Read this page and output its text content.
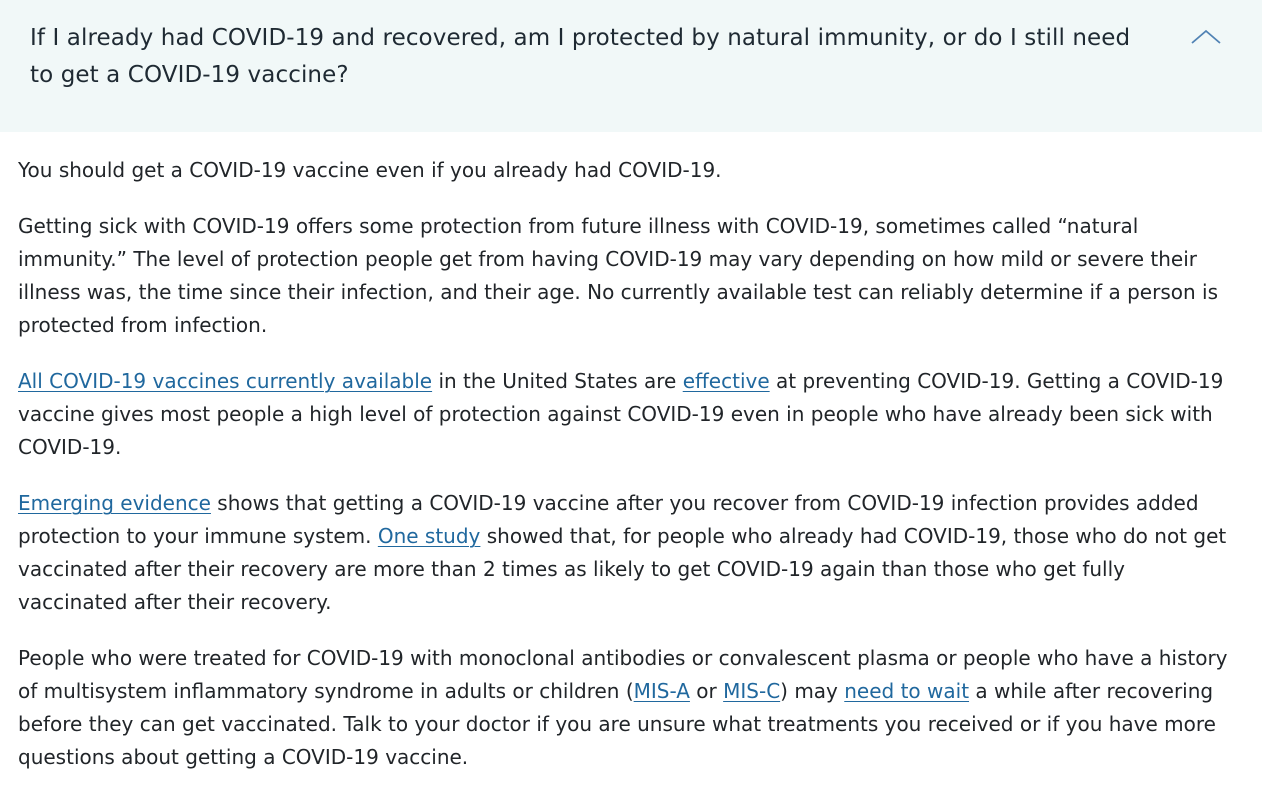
If I already had COVID-19 and recovered, am I protected by natural immunity, or do I still need to get a COVID-19 vaccine?

You should get a COVID-19 vaccine even if you already had COVID-19.

Getting sick with COVID-19 offers some protection from future illness with COVID-19, sometimes called “natural immunity.” The level of protection people get from having COVID-19 may vary depending on how mild or severe their illness was, the time since their infection, and their age. No currently available test can reliably determine if a person is protected from infection.

All COVID-19 vaccines currently available in the United States are effective at preventing COVID-19. Getting a COVID-19 vaccine gives most people a high level of protection against COVID-19 even in people who have already been sick with COVID-19.

Emerging evidence shows that getting a COVID-19 vaccine after you recover from COVID-19 infection provides added protection to your immune system. One study showed that, for people who already had COVID-19, those who do not get vaccinated after their recovery are more than 2 times as likely to get COVID-19 again than those who get fully vaccinated after their recovery.

People who were treated for COVID-19 with monoclonal antibodies or convalescent plasma or people who have a history of multisystem inflammatory syndrome in adults or children (MIS-A or MIS-C) may need to wait a while after recovering before they can get vaccinated. Talk to your doctor if you are unsure what treatments you received or if you have more questions about getting a COVID-19 vaccine.
